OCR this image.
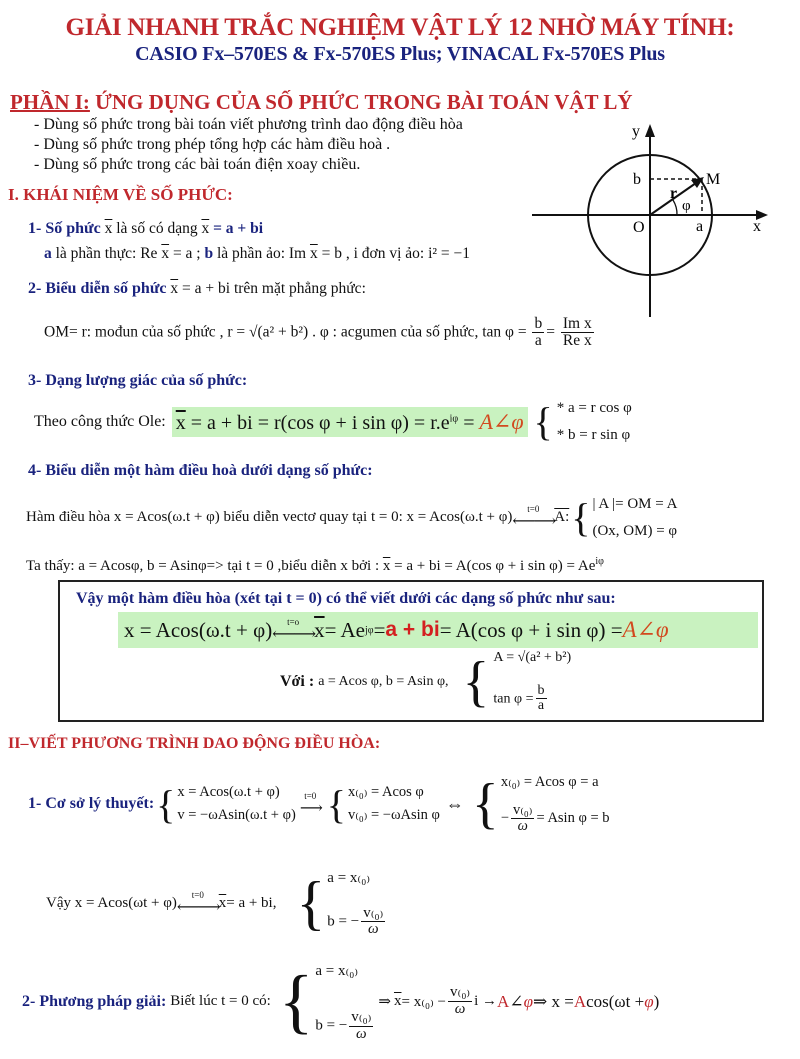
GIẢI NHANH TRẮC NGHIỆM VẬT LÝ 12 NHỜ MÁY TÍNH:
CASIO Fx–570ES & Fx-570ES Plus; VINACAL Fx-570ES Plus
PHẦN I: ỨNG DỤNG CỦA SỐ PHỨC TRONG BÀI TOÁN VẬT LÝ
- Dùng số phức trong bài toán viết phương trình dao động điều hòa
- Dùng số phức trong phép tổng hợp các hàm điều hoà .
- Dùng số phức trong các bài toán điện xoay chiều.
y
x
O
M
b
a
r
φ
I. KHÁI NIỆM VỀ SỐ PHỨC:
1- Số phức $\overline{x}$ là số có dạng $\overline{x} = a$ + bi
a là phần thực: Re $\overline{x} = a$ ; b là phần ảo: Im $\overline{x} = b$ , i đơn vị ảo: i² = −1
2- Biểu diễn số phức $\overline{x} = a$ + bi trên mặt phẳng phức:
OM= r: mođun của số phức , r = √(a² + b²) . φ : acgumen của số phức, $\tan \varphi = \frac{b}{a} = \frac{\text{Im x}}{\text{Re x}}$
3- Dạng lượng giác của số phức:
Theo công thức Ole: $\overline{x} = a$ + bi = r(cos φ + i $\sin \varphi) = r.e^{i\varphi}$ = A∠φ { * a = r cos φ
* b = r sin φ
4- Biểu diễn một hàm điều hoà dưới dạng số phức:
Hàm điều hòa x = Acos(ω.t + φ) biểu diễn vectơ quay tại t = 0: x = Acos(ω.t + φ) t=0
⟵⟶ A: { | A |= OM = A
(Ox, OM) = φ
Ta thấy: a = Acosφ, b = Asinφ=> tại t = 0 ,biểu diễn x bởi : $\overline{x} = a$ + bi = A(cos φ + i $\sin \varphi) = Ae^{i\varphi}$
Vậy một hàm điều hòa (xét tại t = 0) có thể viết dưới các dạng số phức như sau:
x = Acos(ω.t + φ) t=o
⟵⟶ $\overline{x} = Ae$ jφ = a + bi = A(cos φ + i sin φ) = A∠φ
Với : a = Acos φ, b = Asin φ, { A = √(a² + b²)
$\tan \varphi = \frac{b}{a}$
II–VIẾT PHƯƠNG TRÌNH DAO ĐỘNG ĐIỀU HÒA:
1- Cơ sở lý thuyết: { x = Acos(ω.t + φ)
v = −ωAsin(ω.t + φ)
t=0
⟶ { x₍₀₎ = Acos φ
v₍₀₎ = −ωAsin φ
⇔ { x₍₀₎ = Acos φ = a
− $\frac{\text{v₍₀₎}}{\omega} = Asin$ φ = b
Vậy x = Acos(ωt + φ) t=0
⟵⟶ $\overline{x} = a$ + bi, { a = x₍₀₎
b = − $\frac{\text{v₍₀₎}}{\omega}$
2- Phương pháp giải: Biết lúc t = 0 có: { a = x₍₀₎
b = − $\frac{\text{v₍₀₎}}{\omega}$
⇒ $\overline{x} = x_{(0)} - \frac{\text{v₍₀₎}}{\omega}$ i → A ∠ φ ⇒ x = A cos(ωt + φ )
